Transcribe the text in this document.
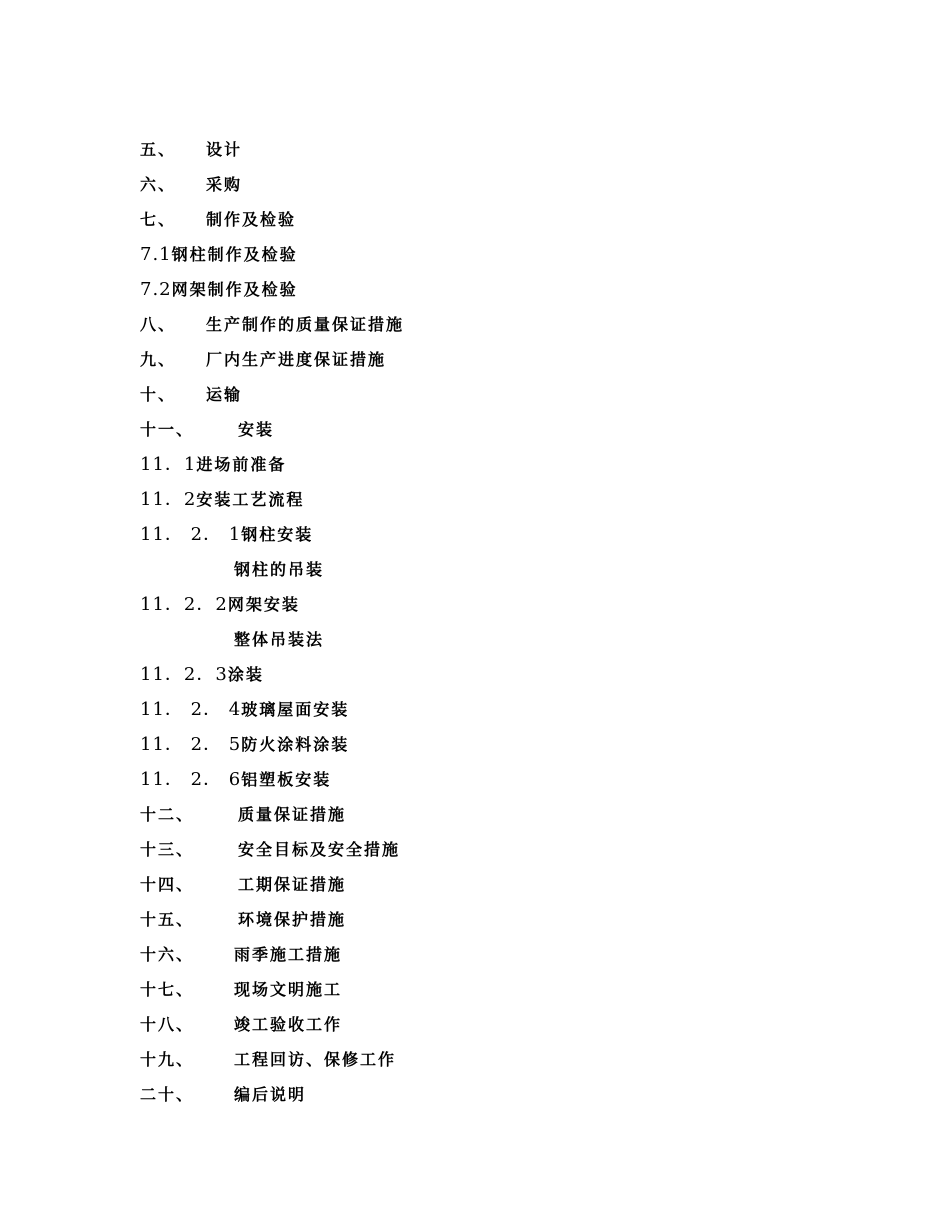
五、	设计
六、	采购
七、	制作及检验
7.1 钢柱制作及检验
7.2 网架制作及检验
八、	生产制作的质量保证措施
九、	厂内生产进度保证措施
十、	运输
十一、	安装
11．1 进场前准备
11．2 安装工艺流程
11． 2． 1 钢柱安装
钢柱的吊装
11．2．2 网架安装
整体吊装法
11．2．3 涂装
11． 2． 4 玻璃屋面安装
11． 2． 5 防火涂料涂装
11． 2． 6 铝塑板安装
十二、	质量保证措施
十三、	安全目标及安全措施
十四、	工期保证措施
十五、	环境保护措施
十六、	雨季施工措施
十七、	现场文明施工
十八、	竣工验收工作
十九、	工程回访、保修工作
二十、	编后说明
